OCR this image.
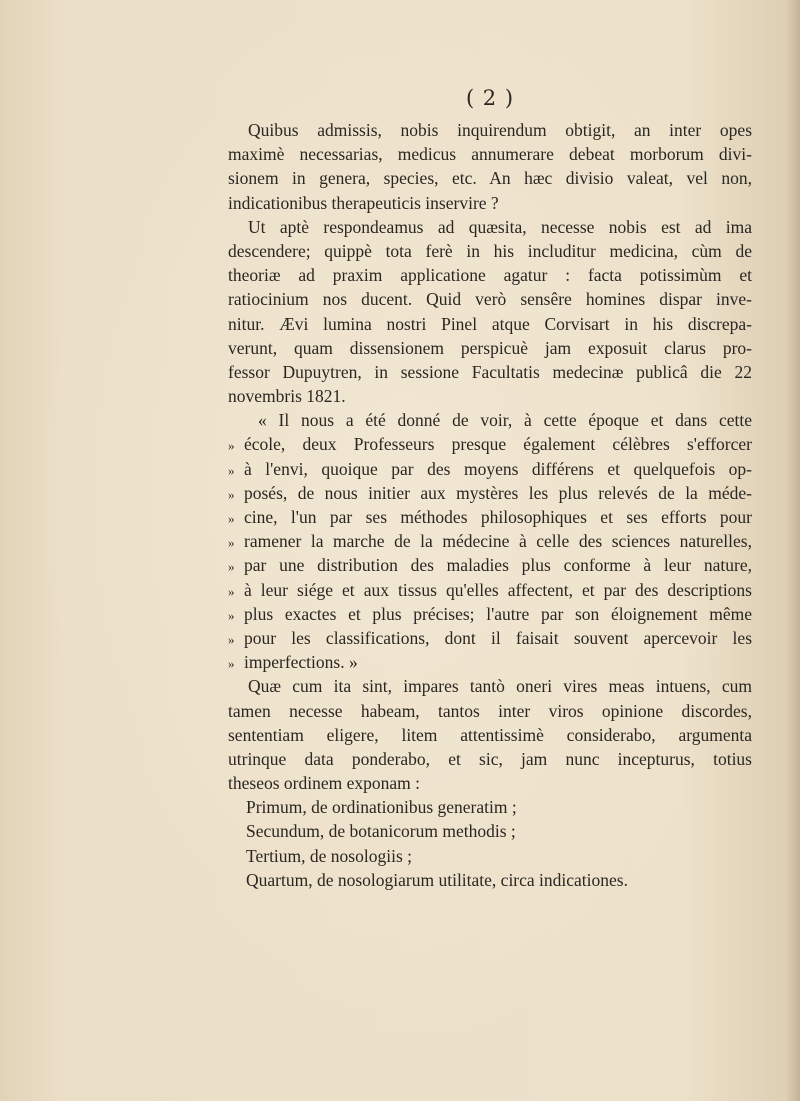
( 2 )
Quibus admissis, nobis inquirendum obtigit, an inter opes
maximè necessarias, medicus annumerare debeat morborum divi-
sionem in genera, species, etc. An hæc divisio valeat, vel non,
indicationibus therapeuticis inservire ?
Ut aptè respondeamus ad quæsita, necesse nobis est ad ima
descendere; quippè tota ferè in his includitur medicina, cùm de
theoriæ ad praxim applicatione agatur : facta potissimùm et
ratiocinium nos ducent. Quid verò sensêre homines dispar inve-
nitur. Ævi lumina nostri Pinel atque Corvisart in his discrepa-
verunt, quam dissensionem perspicuè jam exposuit clarus pro-
fessor Dupuytren, in sessione Facultatis medecinæ publicâ die 22
novembris 1821.
« Il nous a été donné de voir, à cette époque et dans cette
» école, deux Professeurs presque également célèbres s'efforcer
» à l'envi, quoique par des moyens différens et quelquefois op-
» posés, de nous initier aux mystères les plus relevés de la méde-
» cine, l'un par ses méthodes philosophiques et ses efforts pour
» ramener la marche de la médecine à celle des sciences naturelles,
» par une distribution des maladies plus conforme à leur nature,
» à leur siége et aux tissus qu'elles affectent, et par des descriptions
» plus exactes et plus précises; l'autre par son éloignement même
» pour les classifications, dont il faisait souvent apercevoir les
» imperfections. »
Quæ cum ita sint, impares tantò oneri vires meas intuens, cum
tamen necesse habeam, tantos inter viros opinione discordes,
sententiam eligere, litem attentissimè considerabo, argumenta
utrinque data ponderabo, et sic, jam nunc incepturus, totius
theseos ordinem exponam :
Primum, de ordinationibus generatim ;
Secundum, de botanicorum methodis ;
Tertium, de nosologiis ;
Quartum, de nosologiarum utilitate, circa indicationes.
